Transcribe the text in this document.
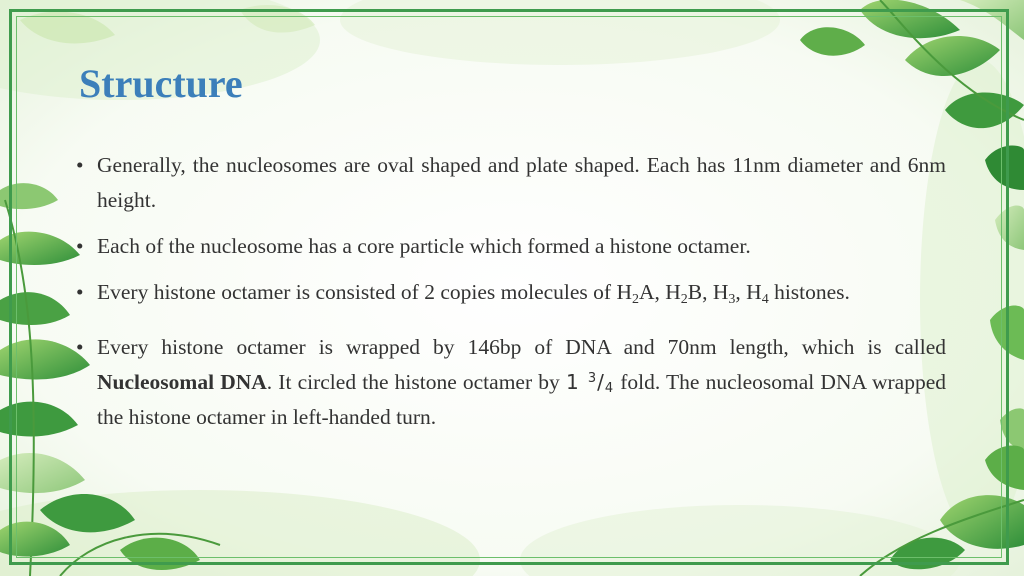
Structure
• Generally, the nucleosomes are oval shaped and plate shaped. Each has 11nm diameter and 6nm height.
• Each of the nucleosome has a core particle which formed a histone octamer.
• Every histone octamer is consisted of 2 copies molecules of $H_2A$, $H_2B$, $H_3$, $H_4$ histones.
• Every histone octamer is wrapped by 146bp of DNA and 70nm length, which is called Nucleosomal DNA. It circled the histone octamer by 1 $^3/_4$ fold. The nucleosomal DNA wrapped the histone octamer in left-handed turn.
